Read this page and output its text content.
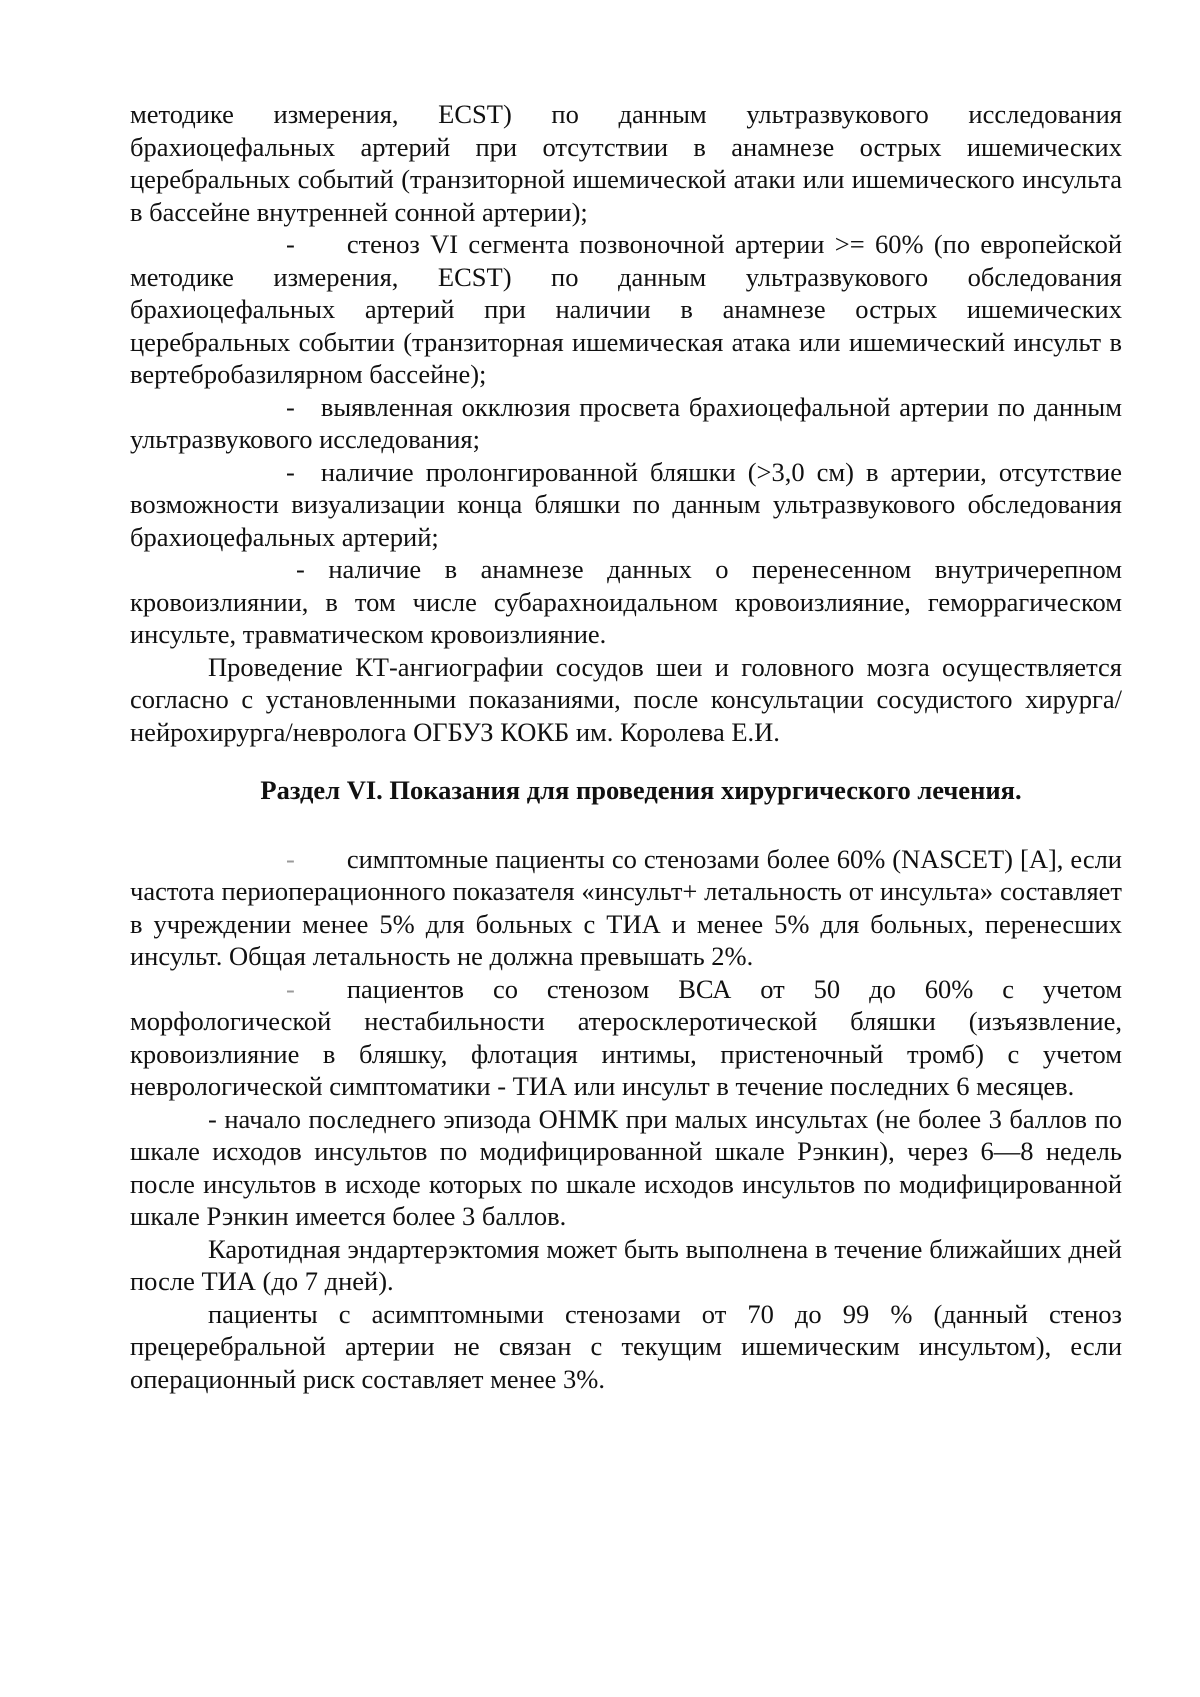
методике измерения, ECST) по данным ультразвукового исследования брахиоцефальных артерий при отсутствии в анамнезе острых ишемических церебральных событий (транзиторной ишемической атаки или ишемического инсульта в бассейне внутренней сонной артерии);

- стеноз VI сегмента позвоночной артерии >= 60% (по европейской методике измерения, ECST) по данным ультразвукового обследования брахиоцефальных артерий при наличии в анамнезе острых ишемических церебральных событии (транзиторная ишемическая атака или ишемический инсульт в вертебробазилярном бассейне);

- выявленная окклюзия просвета брахиоцефальной артерии по данным ультразвукового исследования;

- наличие пролонгированной бляшки (>3,0 см) в артерии, отсутствие возможности визуализации конца бляшки по данным ультразвукового обследования брахиоцефальных артерий;

- наличие в анамнезе данных о перенесенном внутричерепном кровоизлиянии, в том числе субарахноидальном кровоизлияние, геморрагическом инсульте, травматическом кровоизлияние.

Проведение КТ-ангиографии сосудов шеи и головного мозга осуществляется согласно с установленными показаниями, после консультации сосудистого хирурга/ нейрохирурга/невролога ОГБУЗ КОКБ им. Королева Е.И.

Раздел VI. Показания для проведения хирургического лечения.

- симптомные пациенты со стенозами более 60% (NASCET) [А], если частота периоперационного показателя «инсульт+ летальность от инсульта» составляет в учреждении менее 5% для больных с ТИА и менее 5% для больных, перенесших инсульт. Общая летальность не должна превышать 2%.

- пациентов со стенозом ВСА от 50 до 60% с учетом морфологической нестабильности атеросклеротической бляшки (изъязвление, кровоизлияние в бляшку, флотация интимы, пристеночный тромб) с учетом неврологической симптоматики - ТИА или инсульт в течение последних 6 месяцев.

- начало последнего эпизода ОНМК при малых инсультах (не более 3 баллов по шкале исходов инсультов по модифицированной шкале Рэнкин), через 6—8 недель после инсультов в исходе которых по шкале исходов инсультов по модифицированной шкале Рэнкин имеется более 3 баллов.

Каротидная эндартерэктомия может быть выполнена в течение ближайших дней после ТИА (до 7 дней).

пациенты с асимптомными стенозами от 70 до 99 % (данный стеноз прецеребральной артерии не связан с текущим ишемическим инсультом), если операционный риск составляет менее 3%.
